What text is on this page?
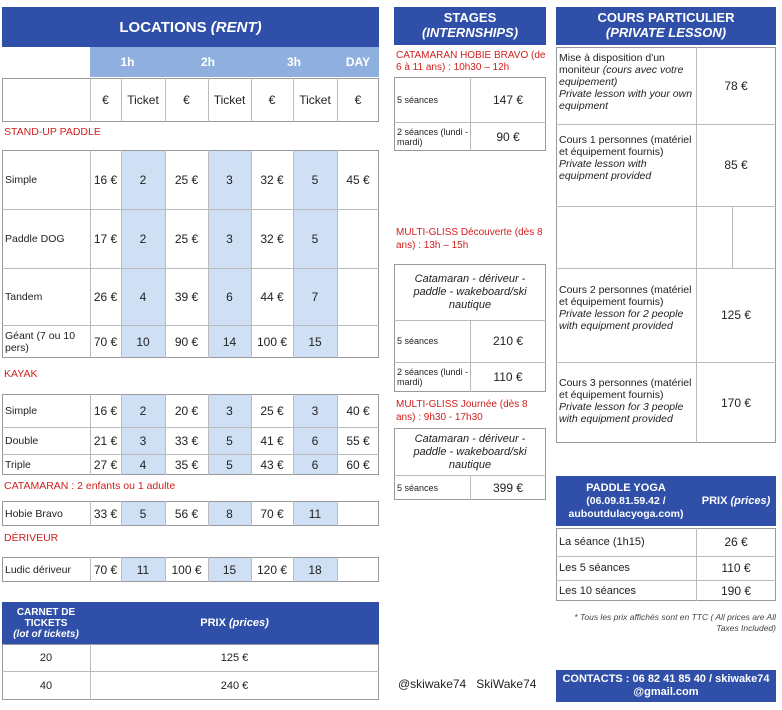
LOCATIONS
(RENT)
1h	2h	3h	DAY
€	Ticket	€	Ticket	€	Ticket	€
STAND-UP PADDLE
Simple	16 €	2	25 €	3	32 €	5	45 €
Paddle DOG	17 €	2	25 €	3	32 €	5
Tandem	26 €	4	39 €	6	44 €	7
Géant (7 ou 10 pers)	70 €	10	90 €	14	100 €	15
KAYAK
Simple	16 €	2	20 €	3	25 €	3	40 €
Double	21 €	3	33 €	5	41 €	6	55 €
Triple	27 €	4	35 €	5	43 €	6	60 €
CATAMARAN : 2 enfants ou 1 adulte
Hobie Bravo	33 €	5	56 €	8	70 €	11
DÉRIVEUR
Ludic dériveur	70 €	11	100 €	15	120 €	18
CARNET DE TICKETS
(lot of tickets)
PRIX
(prices)
20	125 €
40	240 €
STAGES
(INTERNSHIPS)
CATAMARAN HOBIE BRAVO (de 6 à 11 ans) : 10h30 – 12h
5 séances	147 €
2 séances (lundi - mardi)	90 €
MULTI-GLISS Découverte (dès 8 ans) : 13h – 15h
Catamaran - dériveur - paddle - wakeboard/ski nautique
5 séances	210 €
2 séances (lundi - mardi)	110 €
MULTI-GLISS Journée (dès 8 ans) : 9h30 - 17h30
Catamaran - dériveur - paddle - wakeboard/ski nautique
5 séances	399 €
@skiwake74   SkiWake74
COURS PARTICULIER
(PRIVATE LESSON)
Mise à disposition d'un moniteur (cours avec votre equipement)
Private lesson with your own equipment
78 €
Cours 1 personnes (matériel et équipement fournis)
Private lesson with equipment provided
85 €
Cours 2 personnes (matériel et équipement fournis)
Private lesson for 2 people with equipment provided
125 €
Cours 3 personnes (matériel et équipement fournis)
Private lesson for 3 people with equipment provided
170 €
PADDLE YOGA
(06.09.81.59.42 / auboutdulacyoga.com)
PRIX
(prices)
La séance (1h15)	26 €
Les 5 séances	110 €
Les 10 séances	190 €
* Tous les prix affichés sont en TTC ( All prices are All Taxes Included)
CONTACTS : 06 82 41 85 40 / skiwake74 @gmail.com
